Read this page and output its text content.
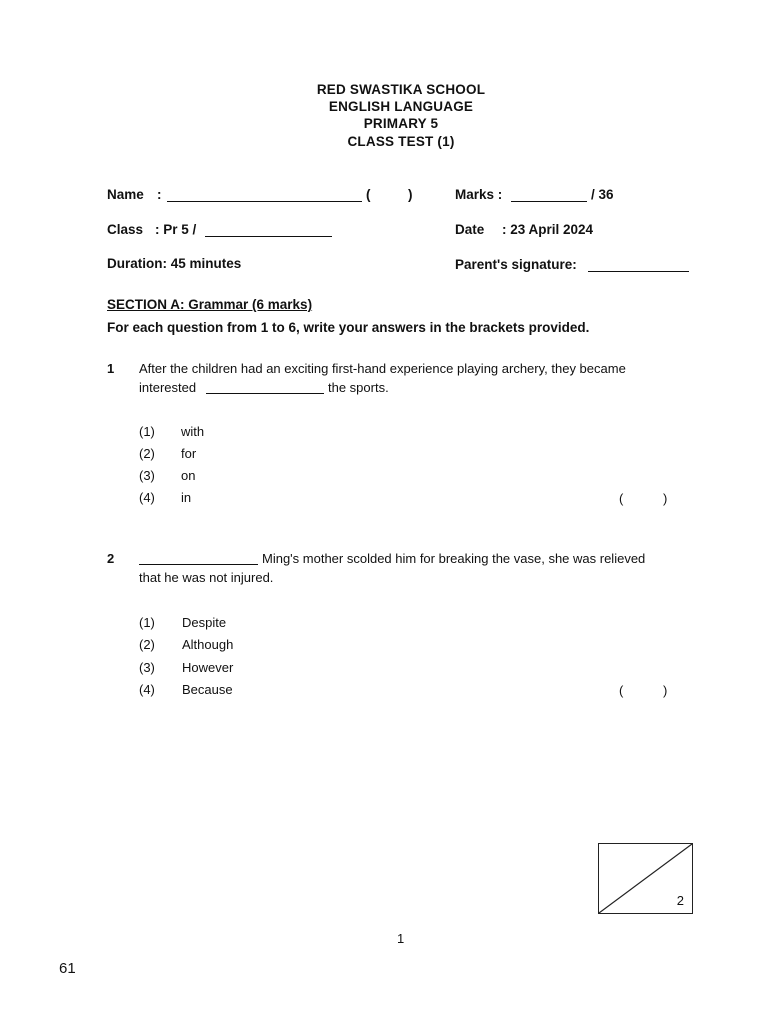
RED SWASTIKA SCHOOL
ENGLISH LANGUAGE
PRIMARY 5
CLASS TEST (1)
Name :	(	)	Marks :	/ 36
Class : Pr 5 /	Date : 23 April 2024
Duration: 45 minutes	Parent's signature:
SECTION A: Grammar (6 marks)
For each question from 1 to 6, write your answers in the brackets provided.
1 After the children had an exciting first-hand experience playing archery, they became
interested	the sports.
(1) with
(2) for
(3) on
(4) in	(	)
2	Ming's mother scolded him for breaking the vase, she was relieved
that he was not injured.
(1) Despite
(2) Although
(3) However
(4) Because	(	)
2
1
61
